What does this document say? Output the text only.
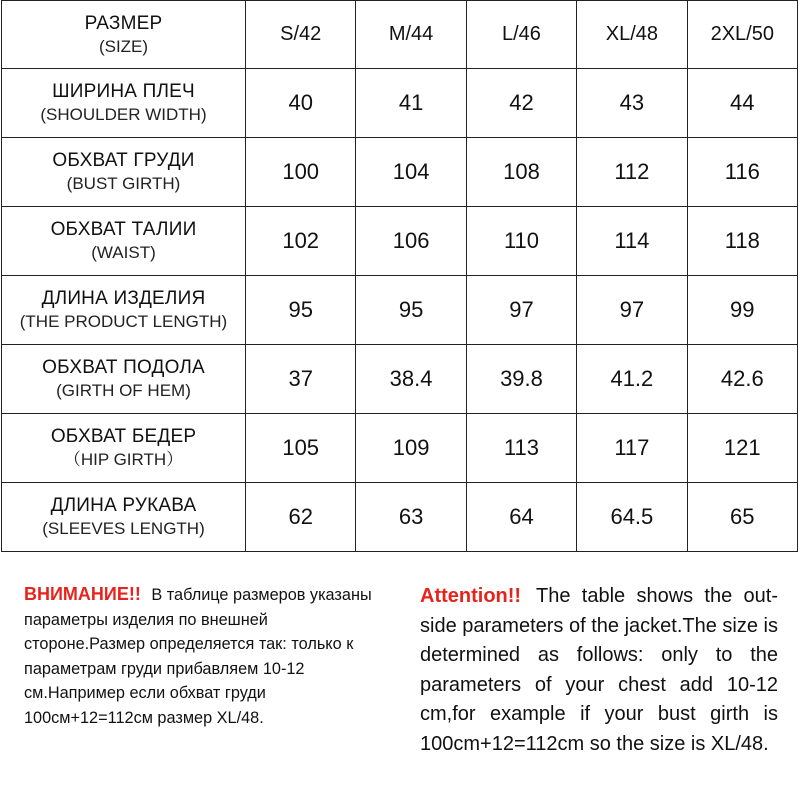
РАЗМЕР
(SIZE)	S/42	M/44	L/46	XL/48	2XL/50

ШИРИНА ПЛЕЧ
(SHOULDER WIDTH)	40	41	42	43	44

ОБХВАТ ГРУДИ
(BUST GIRTH)	100	104	108	112	116

ОБХВАТ ТАЛИИ
(WAIST)	102	106	110	114	118

ДЛИНА ИЗДЕЛИЯ
(THE PRODUCT LENGTH)	95	95	97	97	99

ОБХВАТ ПОДОЛА
(GIRTH OF HEM)	37	38.4	39.8	41.2	42.6

ОБХВАТ БЕДЕР
（HIP GIRTH）	105	109	113	117	121

ДЛИНА РУКАВА
(SLEEVES LENGTH)	62	63	64	64.5	65
ВНИМАНИЕ!! В таблице размеров указаны параметры изделия по внешней стороне.Размер определяется так: только к параметрам груди прибавляем 10-12 см.Например если обхват груди 100см+12=112см размер XL/48.
Attention!! The table shows the out-side parameters of the jacket.The size is determined as follows: only to the parameters of your chest add 10-12 cm,for example if your bust girth is 100cm+12=112cm so the size is XL/48.
